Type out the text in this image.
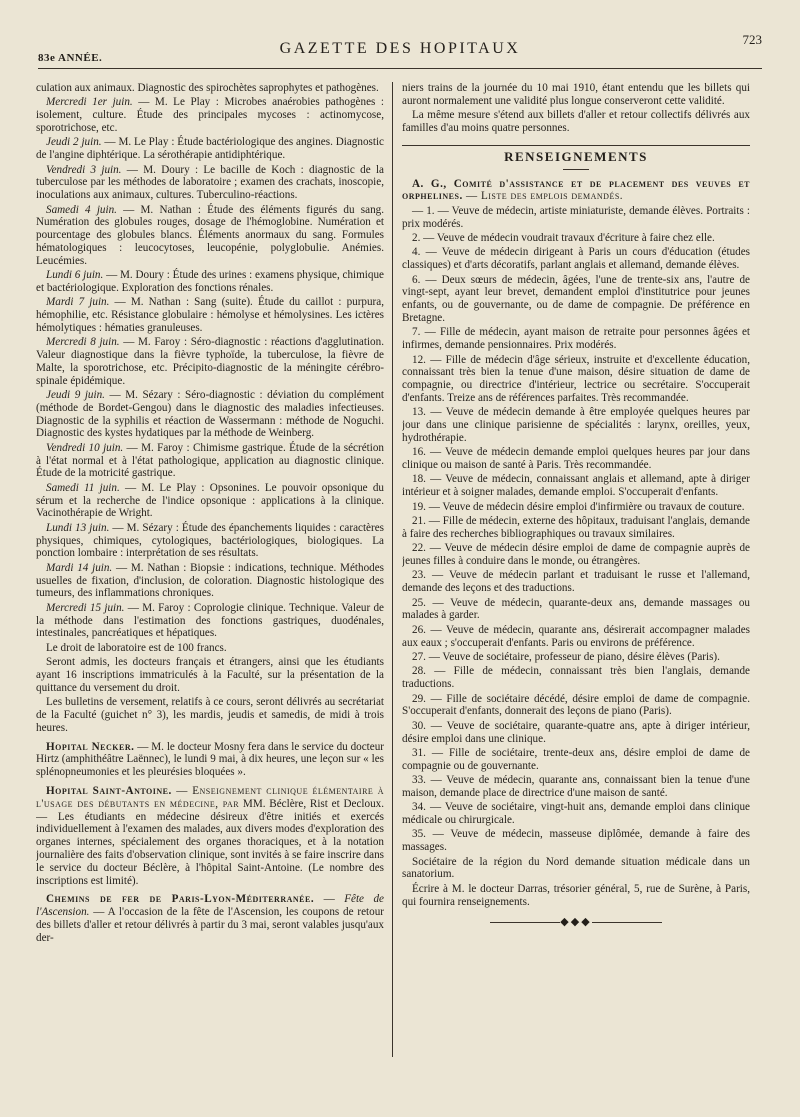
83e ANNÉE.
GAZETTE DES HOPITAUX
723

culation aux animaux. Diagnostic des spirochètes saprophytes et pathogènes.

Mercredi 1er juin. — M. Le Play : Microbes anaérobies pathogènes : isolement, culture. Étude des principales mycoses : actinomycose, sporotrichose, etc.

Jeudi 2 juin. — M. Le Play : Étude bactériologique des angines. Diagnostic de l'angine diphtérique. La sérothérapie antidiphtérique.

Vendredi 3 juin. — M. Doury : Le bacille de Koch : diagnostic de la tuberculose par les méthodes de laboratoire ; examen des crachats, inoscopie, inoculations aux animaux, cultures. Tuberculino-réactions.

Samedi 4 juin. — M. Nathan : Étude des éléments figurés du sang. Numération des globules rouges, dosage de l'hémoglobine. Numération et pourcentage des globules blancs. Éléments anormaux du sang. Formules hématologiques : leucocytoses, leucopénie, polyglobulie. Anémies. Leucémies.

Lundi 6 juin. — M. Doury : Étude des urines : examens physique, chimique et bactériologique. Exploration des fonctions rénales.

Mardi 7 juin. — M. Nathan : Sang (suite). Étude du caillot : purpura, hémophilie, etc. Résistance globulaire : hémolyse et hémolysines. Les ictères hémolytiques : hématies granuleuses.

Mercredi 8 juin. — M. Faroy : Séro-diagnostic : réactions d'agglutination. Valeur diagnostique dans la fièvre typhoïde, la tuberculose, la fièvre de Malte, la sporotrichose, etc. Précipito-diagnostic de la méningite cérébro-spinale épidémique.

Jeudi 9 juin. — M. Sézary : Séro-diagnostic : déviation du complément (méthode de Bordet-Gengou) dans le diagnostic des maladies infectieuses. Diagnostic de la syphilis et réaction de Wassermann : méthode de Noguchi. Diagnostic des kystes hydatiques par la méthode de Weinberg.

Vendredi 10 juin. — M. Faroy : Chimisme gastrique. Étude de la sécrétion à l'état normal et à l'état pathologique, application au diagnostic clinique. Étude de la motricité gastrique.

Samedi 11 juin. — M. Le Play : Opsonines. Le pouvoir opsonique du sérum et la recherche de l'indice opsonique : applications à la clinique. Vacinothérapie de Wright.

Lundi 13 juin. — M. Sézary : Étude des épanchements liquides : caractères physiques, chimiques, cytologiques, bactériologiques, biologiques. La ponction lombaire : interprétation de ses résultats.

Mardi 14 juin. — M. Nathan : Biopsie : indications, technique. Méthodes usuelles de fixation, d'inclusion, de coloration. Diagnostic histologique des tumeurs, des inflammations chroniques.

Mercredi 15 juin. — M. Faroy : Coprologie clinique. Technique. Valeur de la méthode dans l'estimation des fonctions gastriques, duodénales, intestinales, pancréatiques et hépatiques.

Le droit de laboratoire est de 100 francs.

Seront admis, les docteurs français et étrangers, ainsi que les étudiants ayant 16 inscriptions immatriculés à la Faculté, sur la présentation de la quittance du versement du droit.

Les bulletins de versement, relatifs à ce cours, seront délivrés au secrétariat de la Faculté (guichet n° 3), les mardis, jeudis et samedis, de midi à trois heures.

Hopital Necker. — M. le docteur Mosny fera dans le service du docteur Hirtz (amphithéâtre Laënnec), le lundi 9 mai, à dix heures, une leçon sur « les splénopneumonies et les pleurésies bloquées ».

Hopital Saint-Antoine. — Enseignement clinique élémentaire à l'usage des débutants en médecine, par MM. Béclère, Rist et Decloux. — Les étudiants en médecine désireux d'être initiés et exercés individuellement à l'examen des malades, aux divers modes d'exploration des organes internes, spécialement des organes thoraciques, et à la notation journalière des faits d'observation clinique, sont invités à se faire inscrire dans le service du docteur Béclère, à l'hôpital Saint-Antoine. (Le nombre des inscriptions est limité).

Chemins de fer de Paris-Lyon-Méditerranée. — Fête de l'Ascension. — A l'occasion de la fête de l'Ascension, les coupons de retour des billets d'aller et retour délivrés à partir du 3 mai, seront valables jusqu'aux der-

niers trains de la journée du 10 mai 1910, étant entendu que les billets qui auront normalement une validité plus longue conserveront cette validité.

La même mesure s'étend aux billets d'aller et retour collectifs délivrés aux familles d'au moins quatre personnes.

RENSEIGNEMENTS

A. G., Comité d'assistance et de placement des veuves et orphelines. — Liste des emplois demandés.

— 1. — Veuve de médecin, artiste miniaturiste, demande élèves. Portraits : prix modérés.

2. — Veuve de médecin voudrait travaux d'écriture à faire chez elle.

4. — Veuve de médecin dirigeant à Paris un cours d'éducation (études classiques) et d'arts décoratifs, parlant anglais et allemand, demande élèves.

6. — Deux sœurs de médecin, âgées, l'une de trente-six ans, l'autre de vingt-sept, ayant leur brevet, demandent emploi d'institutrice pour jeunes enfants, ou de gouvernante, ou de dame de compagnie. De préférence en Bretagne.

7. — Fille de médecin, ayant maison de retraite pour personnes âgées et infirmes, demande pensionnaires. Prix modérés.

12. — Fille de médecin d'âge sérieux, instruite et d'excellente éducation, connaissant très bien la tenue d'une maison, désire situation de dame de compagnie, ou directrice d'intérieur, lectrice ou secrétaire. S'occuperait d'enfants. Treize ans de références parfaites. Très recommandée.

13. — Veuve de médecin demande à être employée quelques heures par jour dans une clinique parisienne de spécialités : larynx, oreilles, yeux, hydrothérapie.

16. — Veuve de médecin demande emploi quelques heures par jour dans clinique ou maison de santé à Paris. Très recommandée.

18. — Veuve de médecin, connaissant anglais et allemand, apte à diriger intérieur et à soigner malades, demande emploi. S'occuperait d'enfants.

19. — Veuve de médecin désire emploi d'infirmière ou travaux de couture.

21. — Fille de médecin, externe des hôpitaux, traduisant l'anglais, demande à faire des recherches bibliographiques ou travaux similaires.

22. — Veuve de médecin désire emploi de dame de compagnie auprès de jeunes filles à conduire dans le monde, ou étrangères.

23. — Veuve de médecin parlant et traduisant le russe et l'allemand, demande des leçons et des traductions.

25. — Veuve de médecin, quarante-deux ans, demande massages ou malades à garder.

26. — Veuve de médecin, quarante ans, désirerait accompagner malades aux eaux ; s'occuperait d'enfants. Paris ou environs de préférence.

27. — Veuve de sociétaire, professeur de piano, désire élèves (Paris).

28. — Fille de médecin, connaissant très bien l'anglais, demande traductions.

29. — Fille de sociétaire décédé, désire emploi de dame de compagnie. S'occuperait d'enfants, donnerait des leçons de piano (Paris).

30. — Veuve de sociétaire, quarante-quatre ans, apte à diriger intérieur, désire emploi dans une clinique.

31. — Fille de sociétaire, trente-deux ans, désire emploi de dame de compagnie ou de gouvernante.

33. — Veuve de médecin, quarante ans, connaissant bien la tenue d'une maison, demande place de directrice d'une maison de santé.

34. — Veuve de sociétaire, vingt-huit ans, demande emploi dans clinique médicale ou chirurgicale.

35. — Veuve de médecin, masseuse diplômée, demande à faire des massages.

Sociétaire de la région du Nord demande situation médicale dans un sanatorium.

Écrire à M. le docteur Darras, trésorier général, 5, rue de Surène, à Paris, qui fournira renseignements.

◆◆◆
